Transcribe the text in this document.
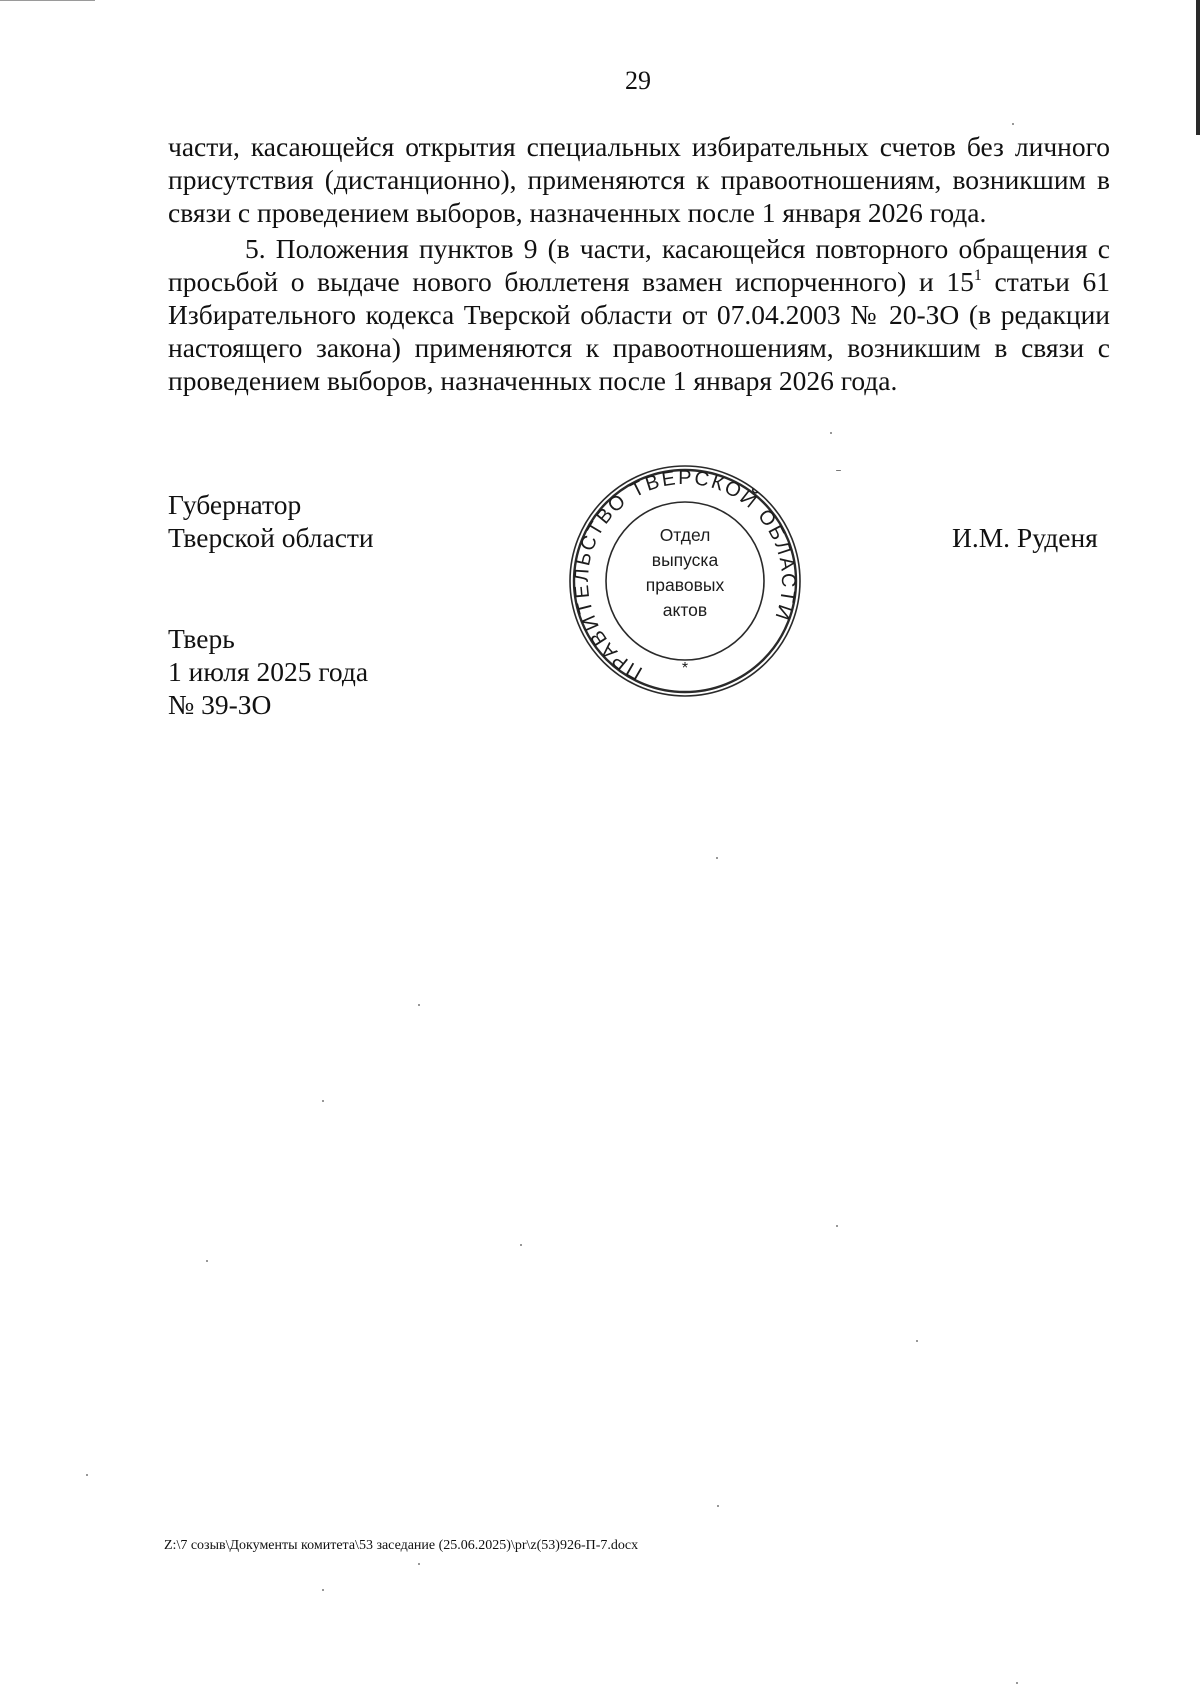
29

части, касающейся открытия специальных избирательных счетов без личного присутствия (дистанционно), применяются к правоотношениям, возникшим в связи с проведением выборов, назначенных после 1 января 2026 года.

5. Положения пунктов 9 (в части, касающейся повторного обращения с просьбой о выдаче нового бюллетеня взамен испорченного) и $15^1$ статьи 61 Избирательного кодекса Тверской области от 07.04.2003 № 20-ЗО (в редакции настоящего закона) применяются к правоотношениям, возникшим в связи с проведением выборов, назначенных после 1 января 2026 года.

Губернатор
Тверской области	И.М. Руденя
ПРАВИТЕЛЬСТВО ТВЕРСКОЙ ОБЛАСТИ
*
Отдел
выпуска
правовых
актов
Тверь
1 июля 2025 года
№ 39-ЗО
Z:\7 созыв\Документы комитета\53 заседание (25.06.2025)\pr\z(53)926-П-7.docx
